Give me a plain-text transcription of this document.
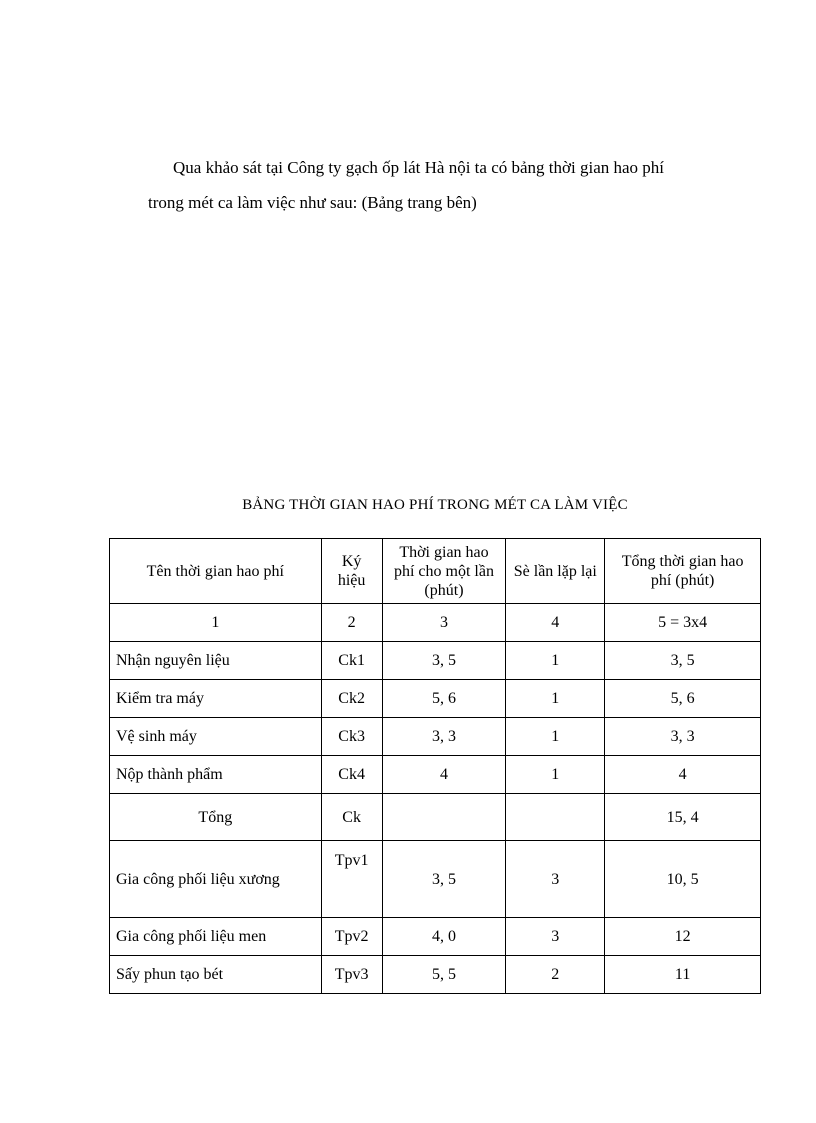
Qua khảo sát tại Công ty gạch ốp lát Hà nội ta có bảng thời gian hao phí
trong mét ca làm việc như sau: (Bảng trang bên)

BẢNG THỜI GIAN HAO PHÍ TRONG MÉT CA LÀM VIỆC
Tên thời gian hao phí	Ký hiệu	Thời gian hao phí cho một lần (phút)	Sè lần lặp lại	Tổng thời gian hao phí (phút)
1	2	3	4	5 = 3x4
Nhận nguyên liệu	Ck1	3, 5	1	3, 5
Kiểm tra máy	Ck2	5, 6	1	5, 6
Vệ sinh máy	Ck3	3, 3	1	3, 3
Nộp thành phẩm	Ck4	4	1	4
Tổng	Ck			15, 4
Gia công phối liệu xương	Tpv1	3, 5	3	10, 5
Gia công phối liệu men	Tpv2	4, 0	3	12
Sấy phun tạo bét	Tpv3	5, 5	2	11
